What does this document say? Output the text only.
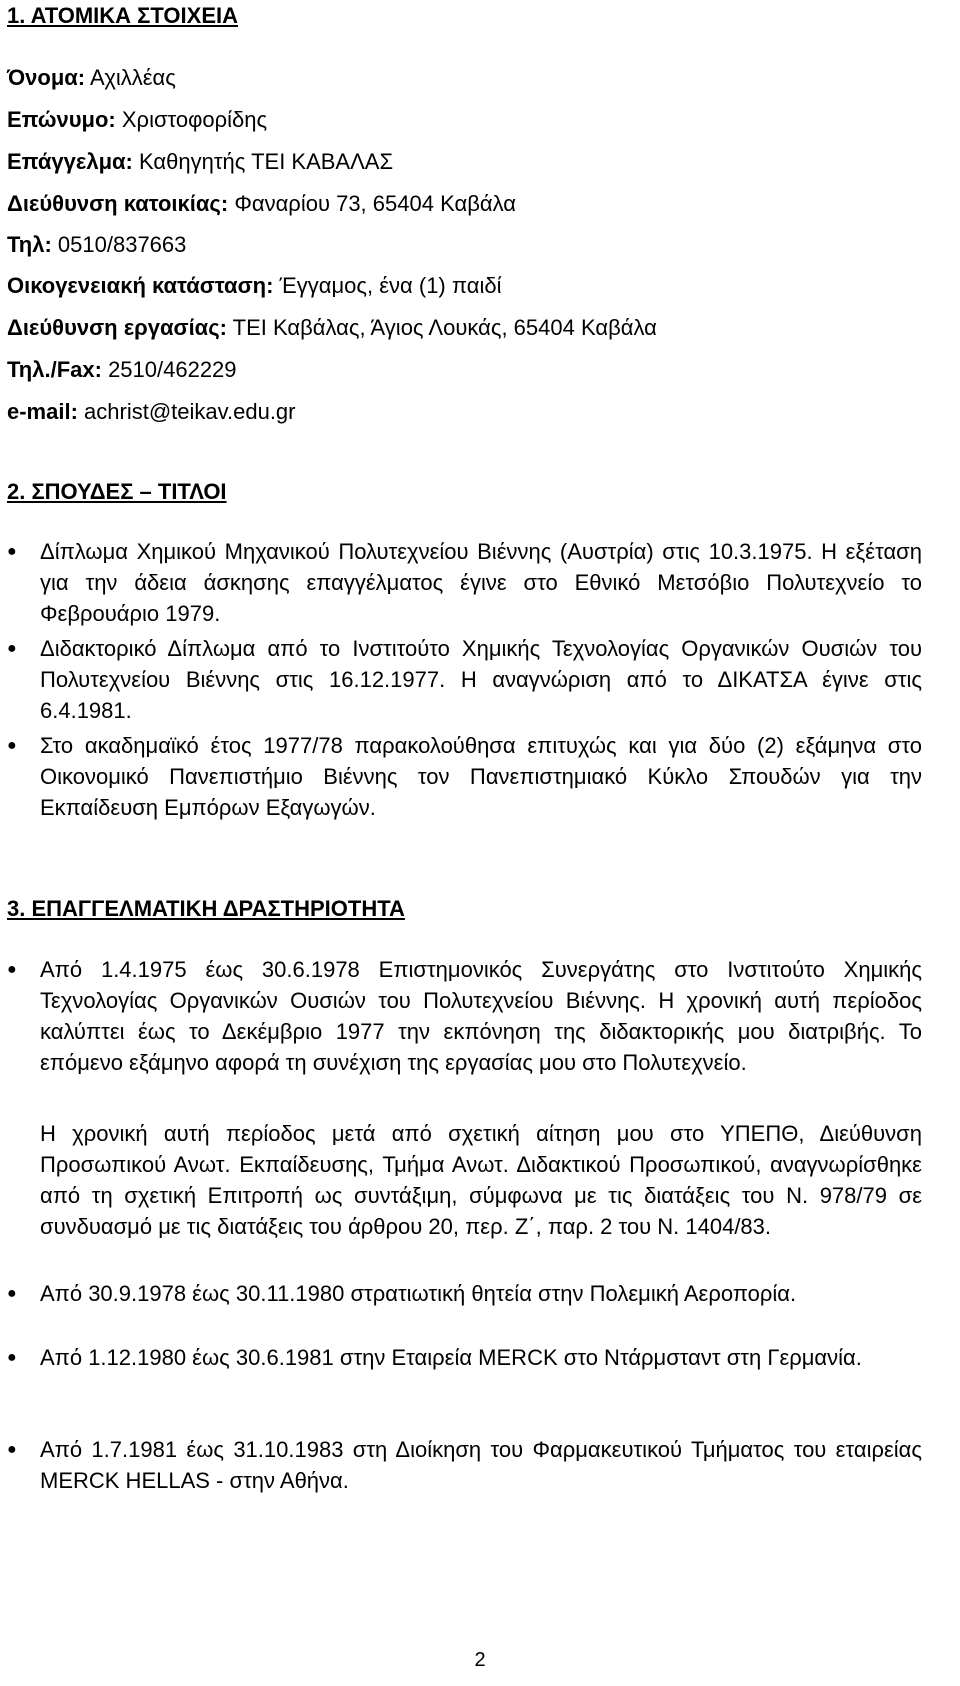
1. ΑΤΟΜΙΚΑ ΣΤΟΙΧΕΙΑ
Όνομα: Αχιλλέας
Επώνυμο: Χριστοφορίδης
Επάγγελμα: Καθηγητής ΤΕΙ ΚΑΒΑΛΑΣ
Διεύθυνση κατοικίας: Φαναρίου 73, 65404 Καβάλα
Τηλ: 0510/837663
Οικογενειακή κατάσταση: Έγγαμος, ένα (1) παιδί
Διεύθυνση εργασίας: ΤΕΙ Καβάλας, Άγιος Λουκάς, 65404 Καβάλα
Τηλ./Fax: 2510/462229
e-mail: achrist@teikav.edu.gr
2. ΣΠΟΥΔΕΣ – ΤΙΤΛΟΙ
● Δίπλωμα Χημικού Μηχανικού Πολυτεχνείου Βιέννης (Αυστρία) στις 10.3.1975. Η εξέταση για την άδεια άσκησης επαγγέλματος έγινε στο Εθνικό Μετσόβιο Πολυτεχνείο το Φεβρουάριο 1979.

● Διδακτορικό Δίπλωμα από το Ινστιτούτο Χημικής Τεχνολογίας Οργανικών Ουσιών του Πολυτεχνείου Βιέννης στις 16.12.1977. Η αναγνώριση από το ΔΙΚΑΤΣΑ έγινε στις 6.4.1981.

● Στο ακαδημαϊκό έτος 1977/78 παρακολούθησα επιτυχώς και για δύο (2) εξάμηνα στο Οικονομικό Πανεπιστήμιο Βιέννης τον Πανεπιστημιακό Κύκλο Σπουδών για την Εκπαίδευση Εμπόρων Εξαγωγών.

3. ΕΠΑΓΓΕΛΜΑΤΙΚΗ ΔΡΑΣΤΗΡΙΟΤΗΤΑ
● Από 1.4.1975 έως 30.6.1978 Επιστημονικός Συνεργάτης στο Ινστιτούτο Χημικής Τεχνολογίας Οργανικών Ουσιών του Πολυτεχνείου Βιέννης. Η χρονική αυτή περίοδος καλύπτει έως το Δεκέμβριο 1977 την εκπόνηση της διδακτορικής μου διατριβής. Το επόμενο εξάμηνο αφορά τη συνέχιση της εργασίας μου στο Πολυτεχνείο.

Η χρονική αυτή περίοδος μετά από σχετική αίτηση μου στο ΥΠΕΠΘ, Διεύθυνση Προσωπικού Ανωτ. Εκπαίδευσης, Τμήμα Ανωτ. Διδακτικού Προσωπικού, αναγνωρίσθηκε από τη σχετική Επιτροπή ως συντάξιμη, σύμφωνα με τις διατάξεις του Ν. 978/79 σε συνδυασμό με τις διατάξεις του άρθρου 20, περ. Ζ΄, παρ. 2 του Ν. 1404/83.

● Από 30.9.1978 έως 30.11.1980 στρατιωτική θητεία στην Πολεμική Αεροπορία.

● Από 1.12.1980 έως 30.6.1981 στην Εταιρεία MERCK στο Ντάρμσταντ στη Γερμανία.

● Από 1.7.1981 έως 31.10.1983 στη Διοίκηση του Φαρμακευτικού Τμήματος του εταιρείας MERCK HELLAS - στην Αθήνα.

2
